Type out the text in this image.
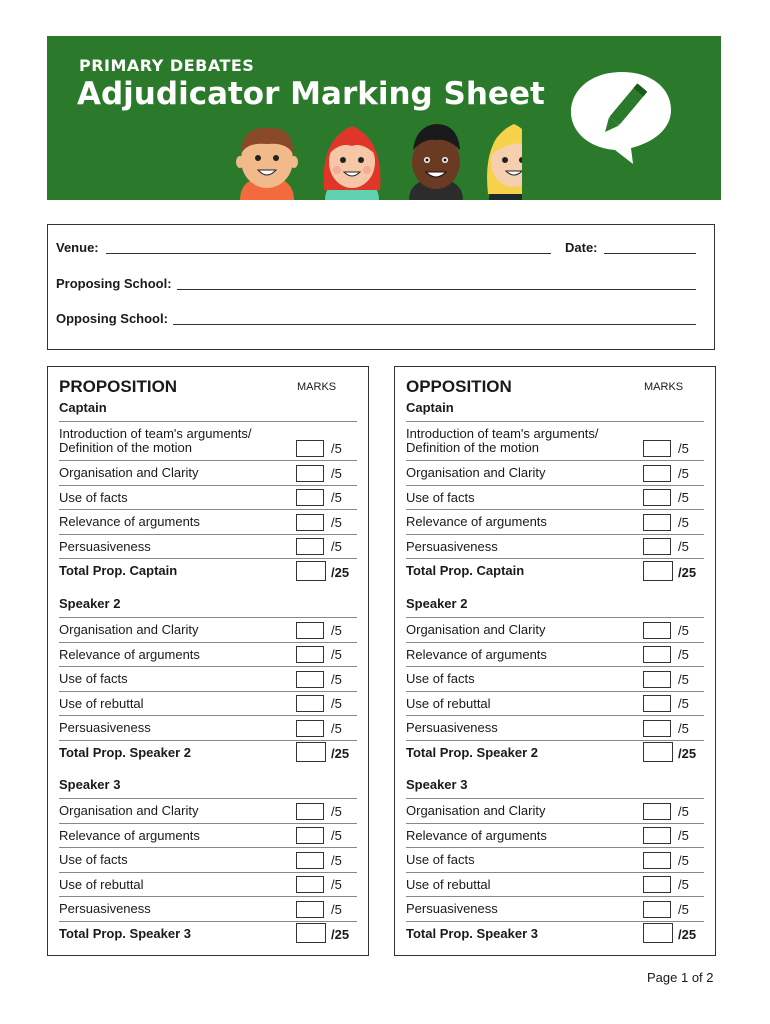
PRIMARY DEBATES
Adjudicator Marking Sheet
Venue:	Date:
Proposing School:
Opposing School:
PROPOSITION	MARKS
Captain
Introduction of team's arguments/
Definition of the motion	/5
Organisation and Clarity	/5
Use of facts	/5
Relevance of arguments	/5
Persuasiveness	/5
Total Prop. Captain	/25
Speaker 2
Organisation and Clarity	/5
Relevance of arguments	/5
Use of facts	/5
Use of rebuttal	/5
Persuasiveness	/5
Total Prop. Speaker 2	/25
Speaker 3
Organisation and Clarity	/5
Relevance of arguments	/5
Use of facts	/5
Use of rebuttal	/5
Persuasiveness	/5
Total Prop. Speaker 3	/25
OPPOSITION	MARKS
Captain
Introduction of team's arguments/
Definition of the motion	/5
Organisation and Clarity	/5
Use of facts	/5
Relevance of arguments	/5
Persuasiveness	/5
Total Prop. Captain	/25
Speaker 2
Organisation and Clarity	/5
Relevance of arguments	/5
Use of facts	/5
Use of rebuttal	/5
Persuasiveness	/5
Total Prop. Speaker 2	/25
Speaker 3
Organisation and Clarity	/5
Relevance of arguments	/5
Use of facts	/5
Use of rebuttal	/5
Persuasiveness	/5
Total Prop. Speaker 3	/25
Page 1 of 2
